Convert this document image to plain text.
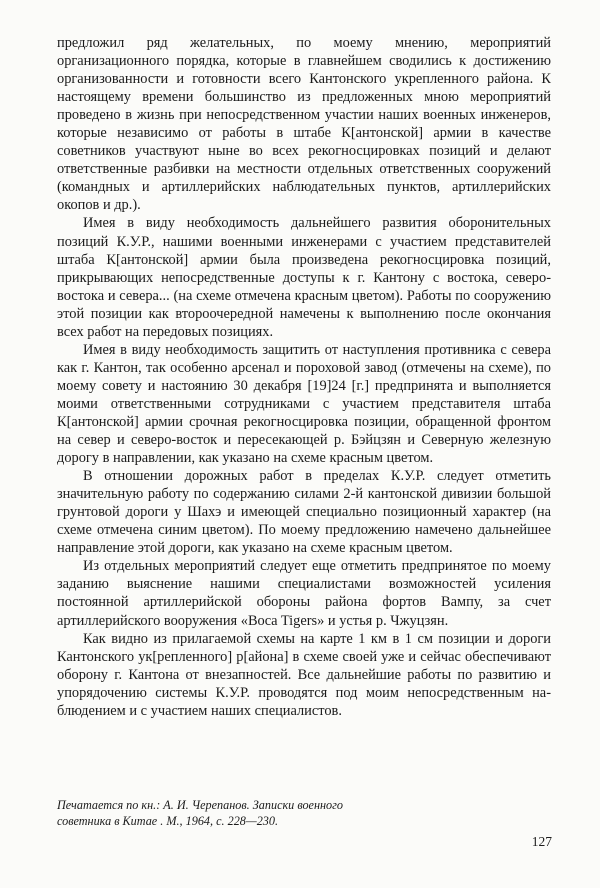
предложил ряд желательных, по моему мнению, мероприятий организационного порядка, которые в главнейшем сводились к достижению организованности и готовности всего Кантонского укрепленного района. К настоящему времени большинство из предложенных мною мероприятий проведено в жизнь при непосредственном участии наших военных инженеров, которые независимо от работы в штабе К[антонской] армии в качестве советников участвуют ныне во всех рекогносцировках позиций и делают ответственные разбивки на местности отдельных ответственных сооружений (командных и артиллерийских наблюдательных пунктов, артиллерийских окопов и др.).

Имея в виду необходимость дальнейшего развития оборонительных позиций К.У.Р., нашими военными инженерами с участием представителей штаба К[антонской] армии была произведена рекогносцировка позиций, прикрывающих непосредственные доступы к г. Кантону с востока, северо-востока и севера... (на схеме отмечена красным цветом). Работы по сооружению этой позиции как второочередной намечены к выполнению после окончания всех работ на передовых позициях.

Имея в виду необходимость защитить от наступления противника с севера как г. Кантон, так особенно арсенал и пороховой завод (отмечены на схеме), по моему совету и настоянию 30 декабря [19]24 [г.] предпринята и выполняется моими ответственными сотрудниками с участием представителя штаба К[антонской] армии срочная рекогносцировка позиции, обращенной фронтом на север и северо-восток и пересекающей р. Бэйцзян и Северную железную дорогу в направлении, как указано на схеме красным цветом.

В отношении дорожных работ в пределах К.У.Р. следует отметить значительную работу по содержанию силами 2-й кантонской дивизии большой грунтовой дороги у Шахэ и имеющей специально позиционный характер (на схеме отмечена синим цветом). По моему предложению намечено дальнейшее направление этой дороги, как указано на схеме красным цветом.

Из отдельных мероприятий следует еще отметить предпринятое по моему заданию выяснение нашими специалистами возможностей усиления постоянной артиллерийской обороны района фортов Вампу, за счет артиллерийского вооружения «Boca Tigers» и устья р. Чжуцзян.

Как видно из прилагаемой схемы на карте 1 км в 1 см позиции и дороги Кантонского ук[репленного] р[айона] в схеме своей уже и сейчас обеспечивают оборону г. Кантона от внезапностей. Все дальнейшие работы по развитию и упорядочению системы К.У.Р. проводятся под моим непосредственным наблюдением и с участием наших специалистов.

Печатается по кн.: А. И. Черепанов. Записки военного
советника в Китае . М., 1964, с. 228—230.

127
